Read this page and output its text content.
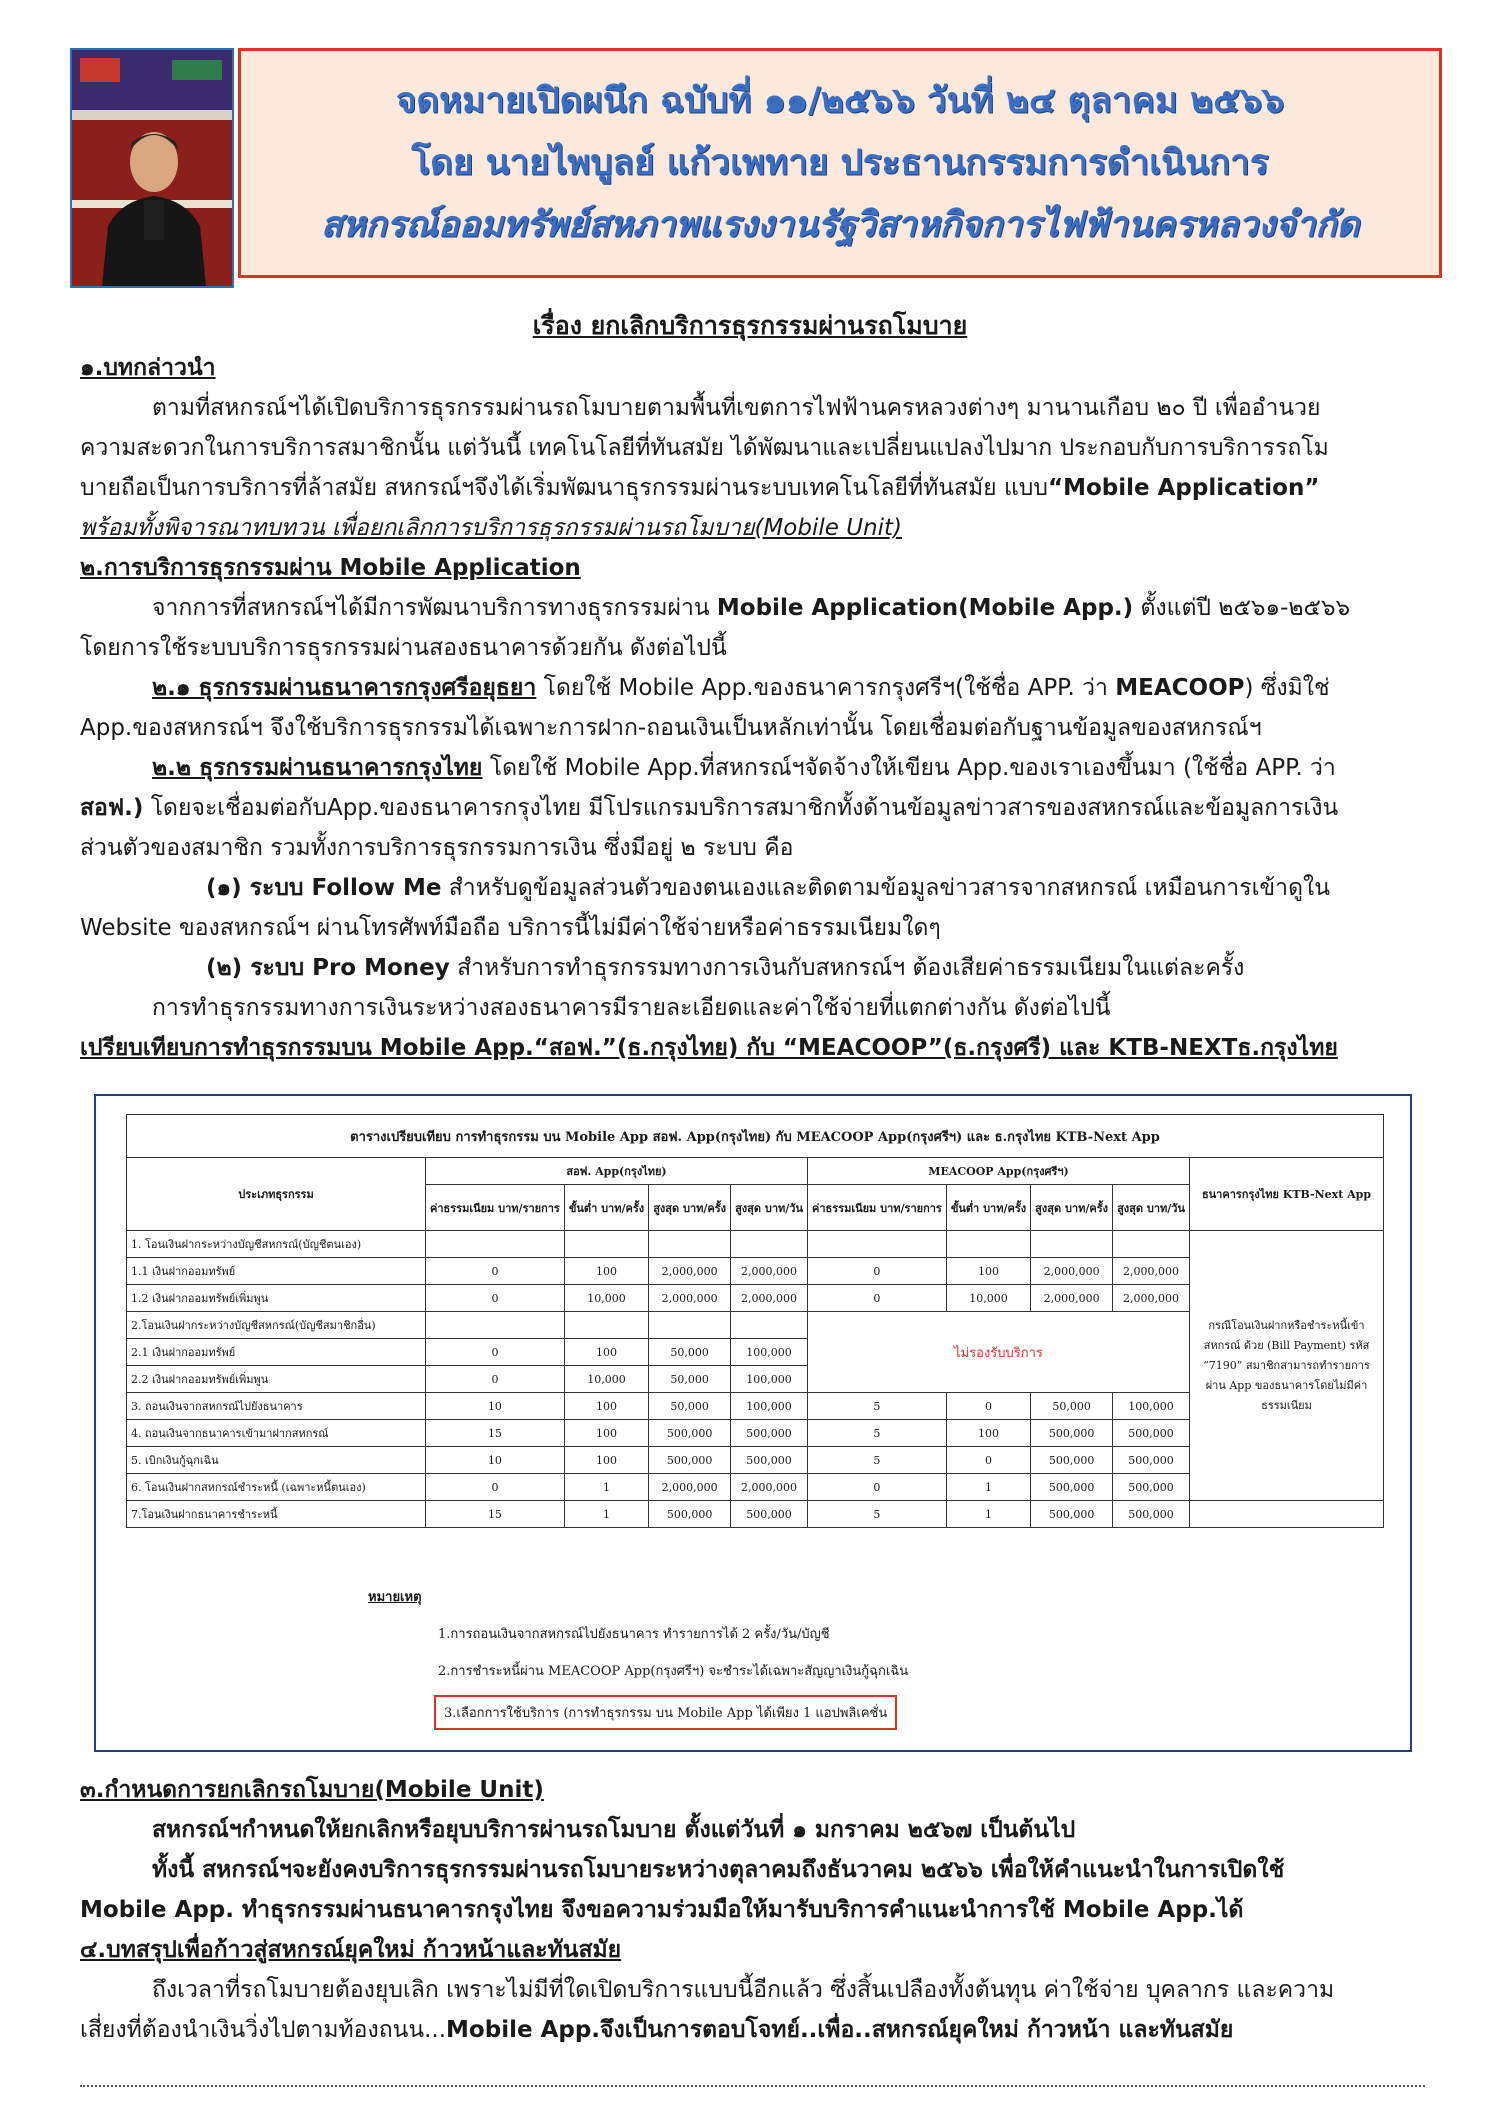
จดหมายเปิดผนึก ฉบับที่ ๑๑/๒๕๖๖ วันที่ ๒๔ ตุลาคม ๒๕๖๖
โดย นายไพบูลย์ แก้วเพทาย ประธานกรรมการดำเนินการ
สหกรณ์ออมทรัพย์สหภาพแรงงานรัฐวิสาหกิจการไฟฟ้านครหลวงจำกัด
เรื่อง ยกเลิกบริการธุรกรรมผ่านรถโมบาย
๑.บทกล่าวนำ
ตามที่สหกรณ์ฯได้เปิดบริการธุรกรรมผ่านรถโมบายตามพื้นที่เขตการไฟฟ้านครหลวงต่างๆ มานานเกือบ ๒๐ ปี เพื่ออำนวย
ความสะดวกในการบริการสมาชิกนั้น แต่วันนี้ เทคโนโลยีที่ทันสมัย ได้พัฒนาและเปลี่ยนแปลงไปมาก ประกอบกับการบริการรถโม
บายถือเป็นการบริการที่ล้าสมัย สหกรณ์ฯจึงได้เริ่มพัฒนาธุรกรรมผ่านระบบเทคโนโลยีที่ทันสมัย แบบ“Mobile Application”
พร้อมทั้งพิจารณาทบทวน เพื่อยกเลิกการบริการธุรกรรมผ่านรถโมบาย(Mobile Unit)
๒.การบริการธุรกรรมผ่าน Mobile Application
จากการที่สหกรณ์ฯได้มีการพัฒนาบริการทางธุรกรรมผ่าน Mobile Application(Mobile App.) ตั้งแต่ปี ๒๕๖๑-๒๕๖๖
โดยการใช้ระบบบริการธุรกรรมผ่านสองธนาคารด้วยกัน ดังต่อไปนี้
๒.๑ ธุรกรรมผ่านธนาคารกรุงศรีอยุธยา โดยใช้ Mobile App.ของธนาคารกรุงศรีฯ(ใช้ชื่อ APP. ว่า MEACOOP) ซึ่งมิใช่
App.ของสหกรณ์ฯ จึงใช้บริการธุรกรรมได้เฉพาะการฝาก-ถอนเงินเป็นหลักเท่านั้น โดยเชื่อมต่อกับฐานข้อมูลของสหกรณ์ฯ
๒.๒ ธุรกรรมผ่านธนาคารกรุงไทย โดยใช้ Mobile App.ที่สหกรณ์ฯจัดจ้างให้เขียน App.ของเราเองขึ้นมา (ใช้ชื่อ APP. ว่า
สอฟ.) โดยจะเชื่อมต่อกับApp.ของธนาคารกรุงไทย มีโปรแกรมบริการสมาชิกทั้งด้านข้อมูลข่าวสารของสหกรณ์และข้อมูลการเงิน
ส่วนตัวของสมาชิก รวมทั้งการบริการธุรกรรมการเงิน ซึ่งมีอยู่ ๒ ระบบ คือ
(๑) ระบบ Follow Me สำหรับดูข้อมูลส่วนตัวของตนเองและติดตามข้อมูลข่าวสารจากสหกรณ์ เหมือนการเข้าดูใน
Website ของสหกรณ์ฯ ผ่านโทรศัพท์มือถือ บริการนี้ไม่มีค่าใช้จ่ายหรือค่าธรรมเนียมใดๆ
(๒) ระบบ Pro Money สำหรับการทำธุรกรรมทางการเงินกับสหกรณ์ฯ ต้องเสียค่าธรรมเนียมในแต่ละครั้ง
การทำธุรกรรมทางการเงินระหว่างสองธนาคารมีรายละเอียดและค่าใช้จ่ายที่แตกต่างกัน ดังต่อไปนี้
เปรียบเทียบการทำธุรกรรมบน Mobile App.“สอฟ.”(ธ.กรุงไทย) กับ “MEACOOP”(ธ.กรุงศรี) และ KTB-NEXTธ.กรุงไทย
ตารางเปรียบเทียบ การทำธุรกรรม บน Mobile App สอฟ. App(กรุงไทย) กับ MEACOOP App(กรุงศรีฯ) และ ธ.กรุงไทย KTB-Next App									
ประเภทธุรกรรม	สอฟ. App(กรุงไทย)				MEACOOP App(กรุงศรีฯ)				ธนาคารกรุงไทย KTB-Next App
	ค่าธรรมเนียม บาท/รายการ	ขั้นต่ำ บาท/ครั้ง	สูงสุด บาท/ครั้ง	สูงสุด บาท/วัน	ค่าธรรมเนียม บาท/รายการ	ขั้นต่ำ บาท/ครั้ง	สูงสุด บาท/ครั้ง	สูงสุด บาท/วัน	
1. โอนเงินฝากระหว่างบัญชีสหกรณ์(บัญชีตนเอง)									กรณีโอนเงินฝากหรือชำระหนี้เข้าสหกรณ์ ด้วย (Bill Payment) รหัส “7190” สมาชิกสามารถทำรายการผ่าน App ของธนาคารโดยไม่มีค่าธรรมเนียม
1.1 เงินฝากออมทรัพย์	0	100	2,000,000	2,000,000	0	100	2,000,000	2,000,000	
1.2 เงินฝากออมทรัพย์เพิ่มพูน	0	10,000	2,000,000	2,000,000	0	10,000	2,000,000	2,000,000	
2.โอนเงินฝากระหว่างบัญชีสหกรณ์(บัญชีสมาชิกอื่น)					ไม่รองรับบริการ				
2.1 เงินฝากออมทรัพย์	0	100	50,000	100,000					
2.2 เงินฝากออมทรัพย์เพิ่มพูน	0	10,000	50,000	100,000					
3. ถอนเงินจากสหกรณ์ไปยังธนาคาร	10	100	50,000	100,000	5	0	50,000	100,000	
4. ถอนเงินจากธนาคารเข้ามาฝากสหกรณ์	15	100	500,000	500,000	5	100	500,000	500,000	
5. เบิกเงินกู้ฉุกเฉิน	10	100	500,000	500,000	5	0	500,000	500,000	
6. โอนเงินฝากสหกรณ์ชำระหนี้ (เฉพาะหนี้ตนเอง)	0	1	2,000,000	2,000,000	0	1	500,000	500,000	
7.โอนเงินฝากธนาคารชำระหนี้	15	1	500,000	500,000	5	1	500,000	500,000	
หมายเหตุ
1.การถอนเงินจากสหกรณ์ไปยังธนาคาร ทำรายการได้ 2 ครั้ง/วัน/บัญชี
2.การชำระหนี้ผ่าน MEACOOP App(กรุงศรีฯ) จะชำระได้เฉพาะสัญญาเงินกู้ฉุกเฉิน
3.เลือกการใช้บริการ (การทำธุรกรรม บน Mobile App ได้เพียง 1 แอปพลิเคชั่น
๓.กำหนดการยกเลิกรถโมบาย(Mobile Unit)
สหกรณ์ฯกำหนดให้ยกเลิกหรือยุบบริการผ่านรถโมบาย ตั้งแต่วันที่ ๑ มกราคม ๒๕๖๗ เป็นต้นไป
ทั้งนี้ สหกรณ์ฯจะยังคงบริการธุรกรรมผ่านรถโมบายระหว่างตุลาคมถึงธันวาคม ๒๕๖๖ เพื่อให้คำแนะนำในการเปิดใช้
Mobile App. ทำธุรกรรมผ่านธนาคารกรุงไทย จึงขอความร่วมมือให้มารับบริการคำแนะนำการใช้ Mobile App.ได้
๔.บทสรุปเพื่อก้าวสู่สหกรณ์ยุคใหม่ ก้าวหน้าและทันสมัย
ถึงเวลาที่รถโมบายต้องยุบเลิก เพราะไม่มีที่ใดเปิดบริการแบบนี้อีกแล้ว ซึ่งสิ้นเปลืองทั้งต้นทุน ค่าใช้จ่าย บุคลากร และความ
เสี่ยงที่ต้องนำเงินวิ่งไปตามท้องถนน...Mobile App.จึงเป็นการตอบโจทย์..เพื่อ..สหกรณ์ยุคใหม่ ก้าวหน้า และทันสมัย
